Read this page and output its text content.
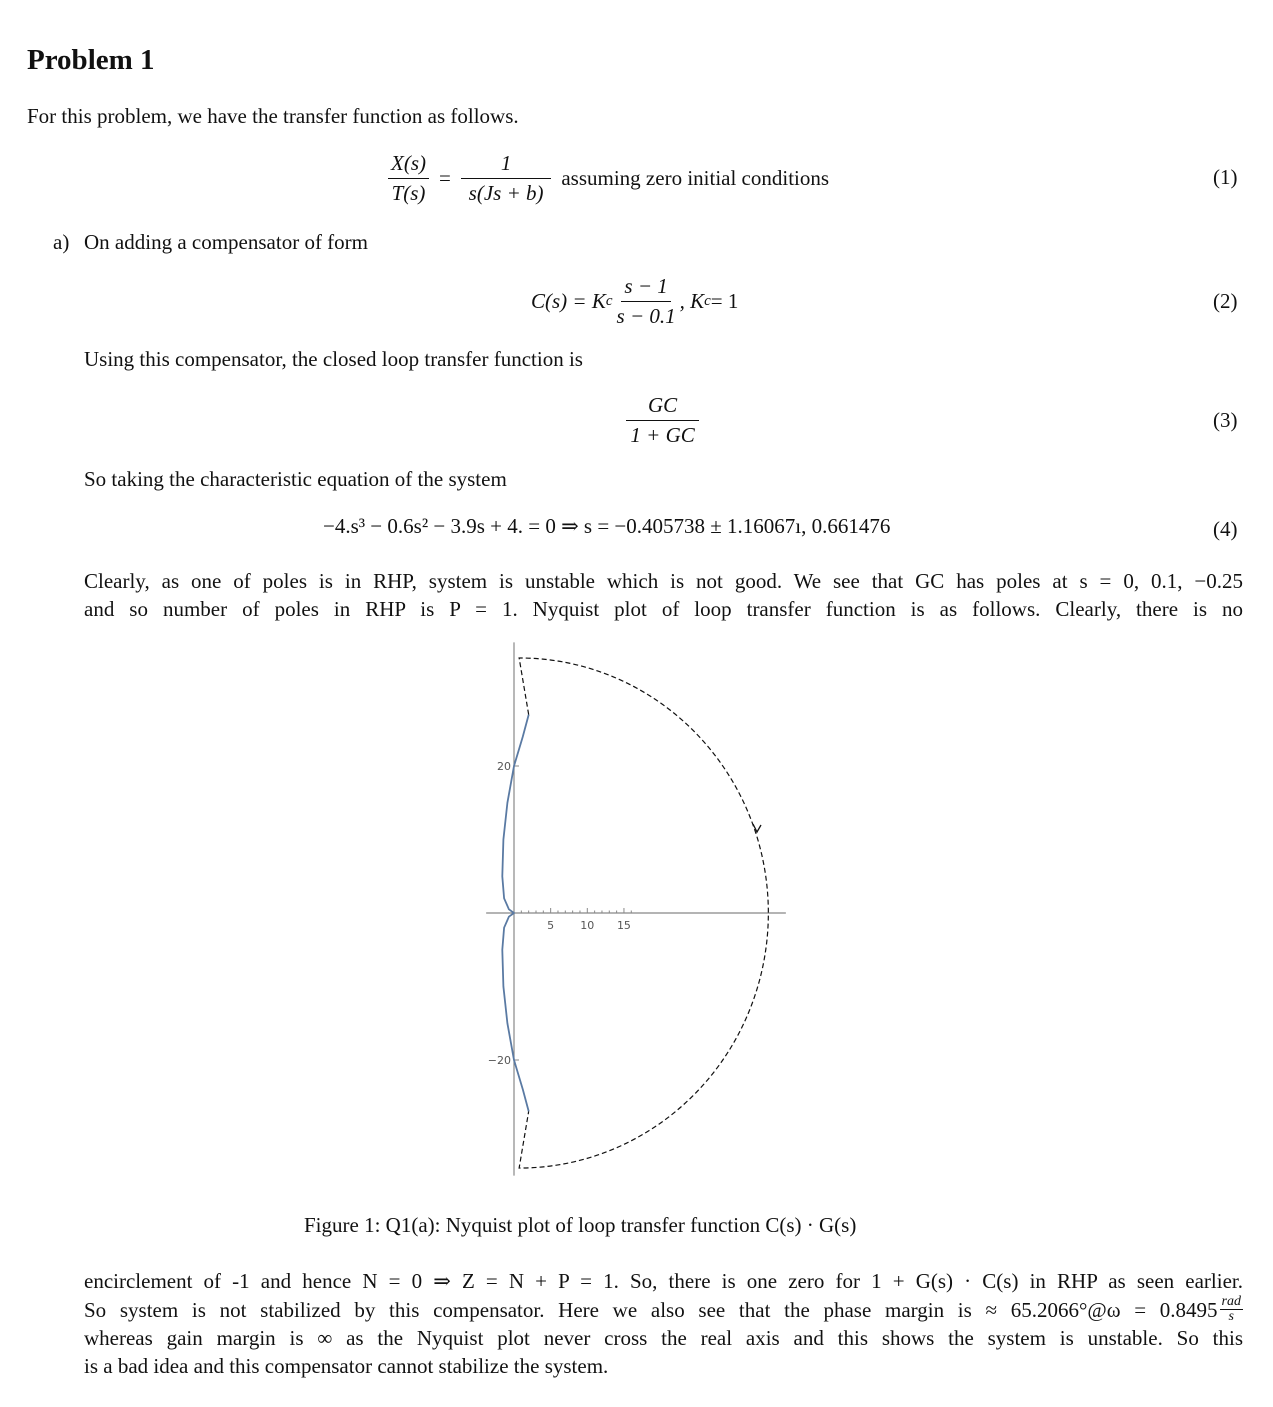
Problem 1
For this problem, we have the transfer function as follows.
$\frac{X(s)}{T(s)} = \frac{1}{s(Js + b)}$ assuming zero initial conditions	(1)
a) On adding a compensator of form
C(s) = K c $\frac{s - 1}{s - 0.1}$ , K c = 1	(2)
Using this compensator, the closed loop transfer function is
$\frac{GC}{1 + GC}$	(3)
So taking the characteristic equation of the system
−4.s³ − 0.6s² − 3.9s + 4. = 0 ⇒ s = −0.405738 ± 1.16067ı, 0.661476	(4)
Clearly, as one of poles is in RHP, system is unstable which is not good. We see that GC has poles at s = 0, 0.1, −0.25
and so number of poles in RHP is P = 1. Nyquist plot of loop transfer function is as follows. Clearly, there is no
5 10 15
20
−20
Figure 1: Q1(a): Nyquist plot of loop transfer function C(s) · G(s)
encirclement of -1 and hence N = 0 ⇒ Z = N + P = 1. So, there is one zero for 1 + G(s) · C(s) in RHP as seen earlier.
So system is not stabilized by this compensator. Here we also see that the phase margin is ≈ 65.2066°@ω = $0.8495 \frac{\text{rad}}{s}$
whereas gain margin is ∞ as the Nyquist plot never cross the real axis and this shows the system is unstable. So this
is a bad idea and this compensator cannot stabilize the system.
